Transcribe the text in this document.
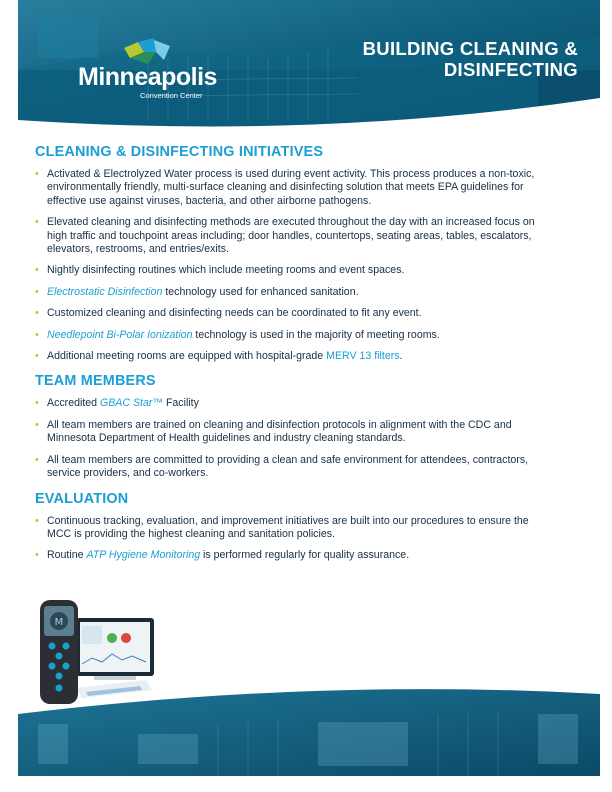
Minneapolis
Convention Center
BUILDING CLEANING &
DISINFECTING
CLEANING & DISINFECTING INITIATIVES
• Activated & Electrolyzed Water process is used during event activity. This process produces a non-toxic, environmentally friendly, multi-surface cleaning and disinfecting solution that meets EPA guidelines for effective use against viruses, bacteria, and other airborne pathogens.
• Elevated cleaning and disinfecting methods are executed throughout the day with an increased focus on high traffic and touchpoint areas including; door handles, countertops, seating areas, tables, escalators, elevators, restrooms, and entries/exits.
• Nightly disinfecting routines which include meeting rooms and event spaces.
• Electrostatic Disinfection technology used for enhanced sanitation.
• Customized cleaning and disinfecting needs can be coordinated to fit any event.
• Needlepoint Bi-Polar Ionization technology is used in the majority of meeting rooms.
• Additional meeting rooms are equipped with hospital-grade MERV 13 filters.
TEAM MEMBERS
• Accredited GBAC Star™ Facility
• All team members are trained on cleaning and disinfection protocols in alignment with the CDC and Minnesota Department of Health guidelines and industry cleaning standards.
• All team members are committed to providing a clean and safe environment for attendees, contractors, service providers, and co-workers.
EVALUATION
• Continuous tracking, evaluation, and improvement initiatives are built into our procedures to ensure the MCC is providing the highest cleaning and sanitation policies.
• Routine ATP Hygiene Monitoring is performed regularly for quality assurance.
M
